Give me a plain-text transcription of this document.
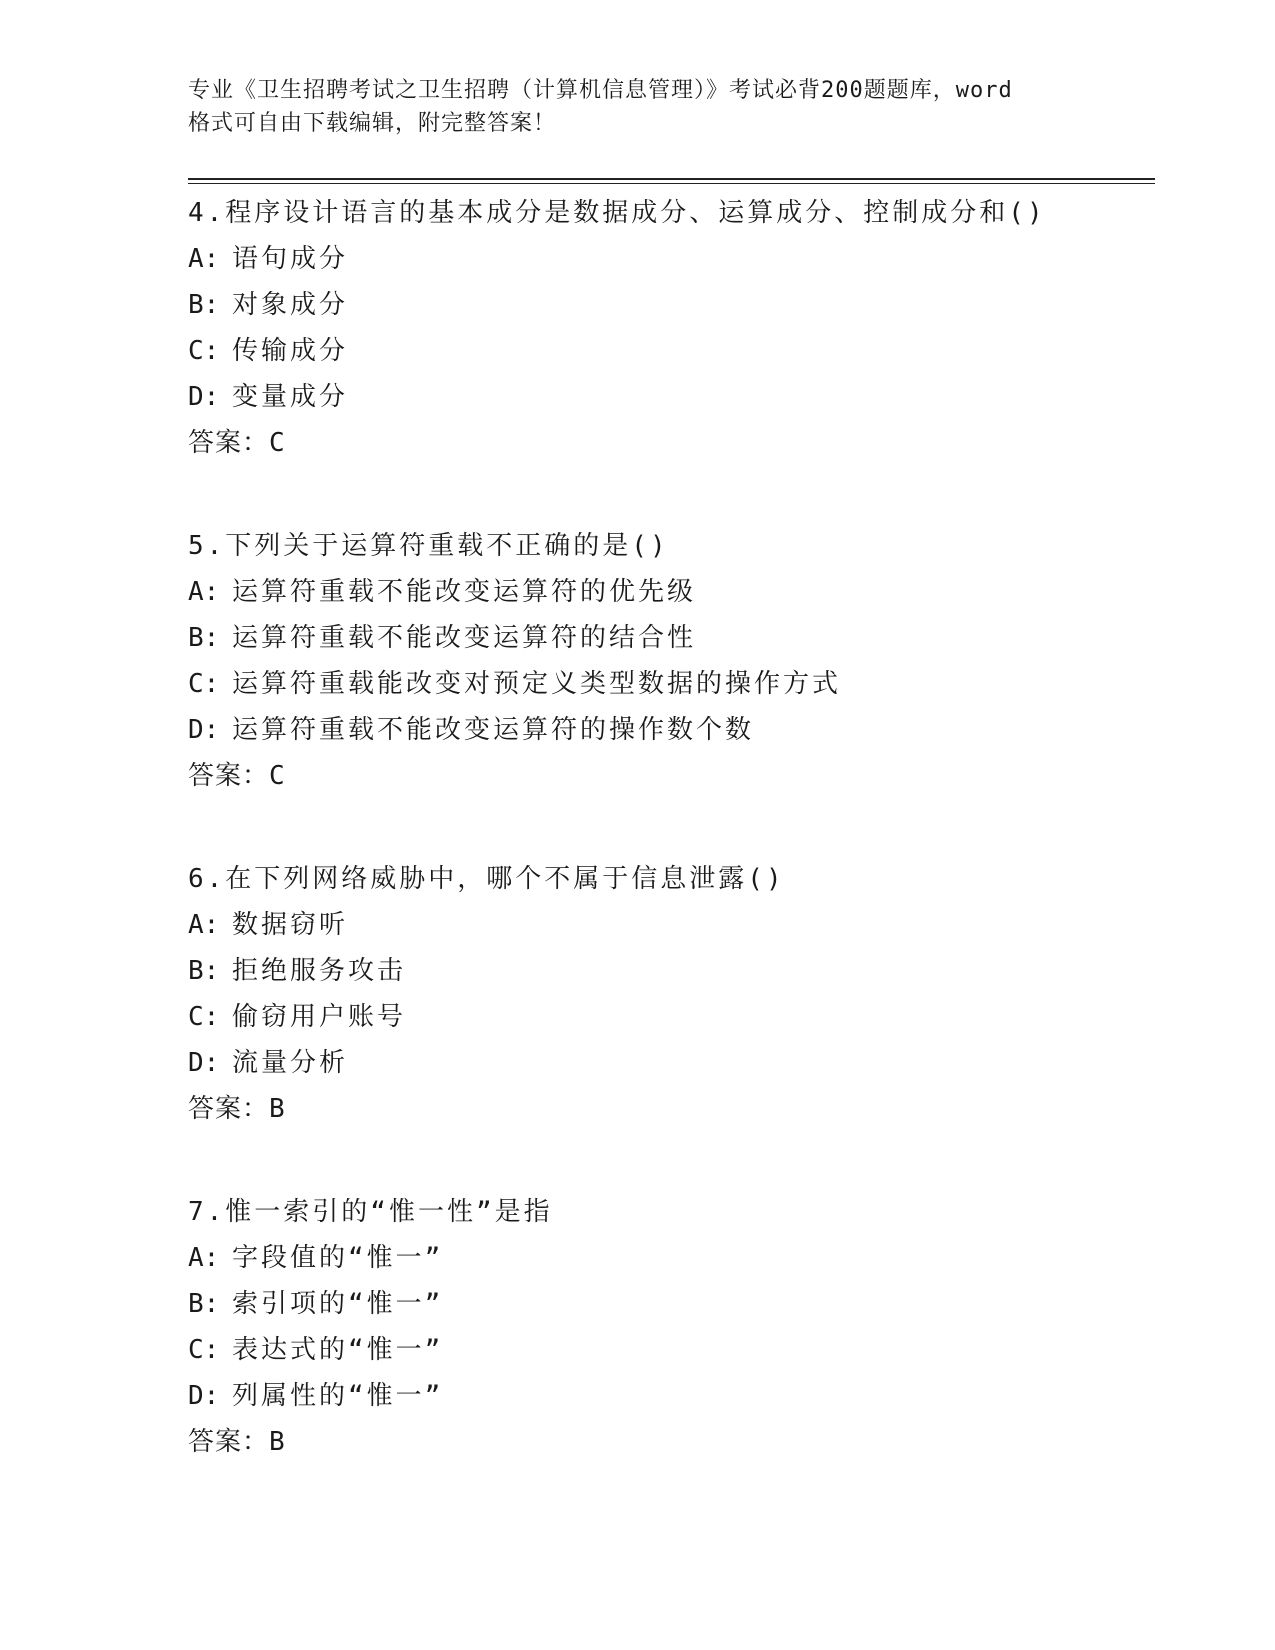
专业《卫生招聘考试之卫生招聘（计算机信息管理）》考试必背200题题库，word
格式可自由下载编辑，附完整答案！
4.程序设计语言的基本成分是数据成分、运算成分、控制成分和()
A: 语句成分
B: 对象成分
C: 传输成分
D: 变量成分
答案：C
5.下列关于运算符重载不正确的是()
A: 运算符重载不能改变运算符的优先级
B: 运算符重载不能改变运算符的结合性
C: 运算符重载能改变对预定义类型数据的操作方式
D: 运算符重载不能改变运算符的操作数个数
答案：C
6.在下列网络威胁中，哪个不属于信息泄露()
A: 数据窃听
B: 拒绝服务攻击
C: 偷窃用户账号
D: 流量分析
答案：B
7.惟一索引的“惟一性”是指
A: 字段值的“惟一”
B: 索引项的“惟一”
C: 表达式的“惟一”
D: 列属性的“惟一”
答案：B
